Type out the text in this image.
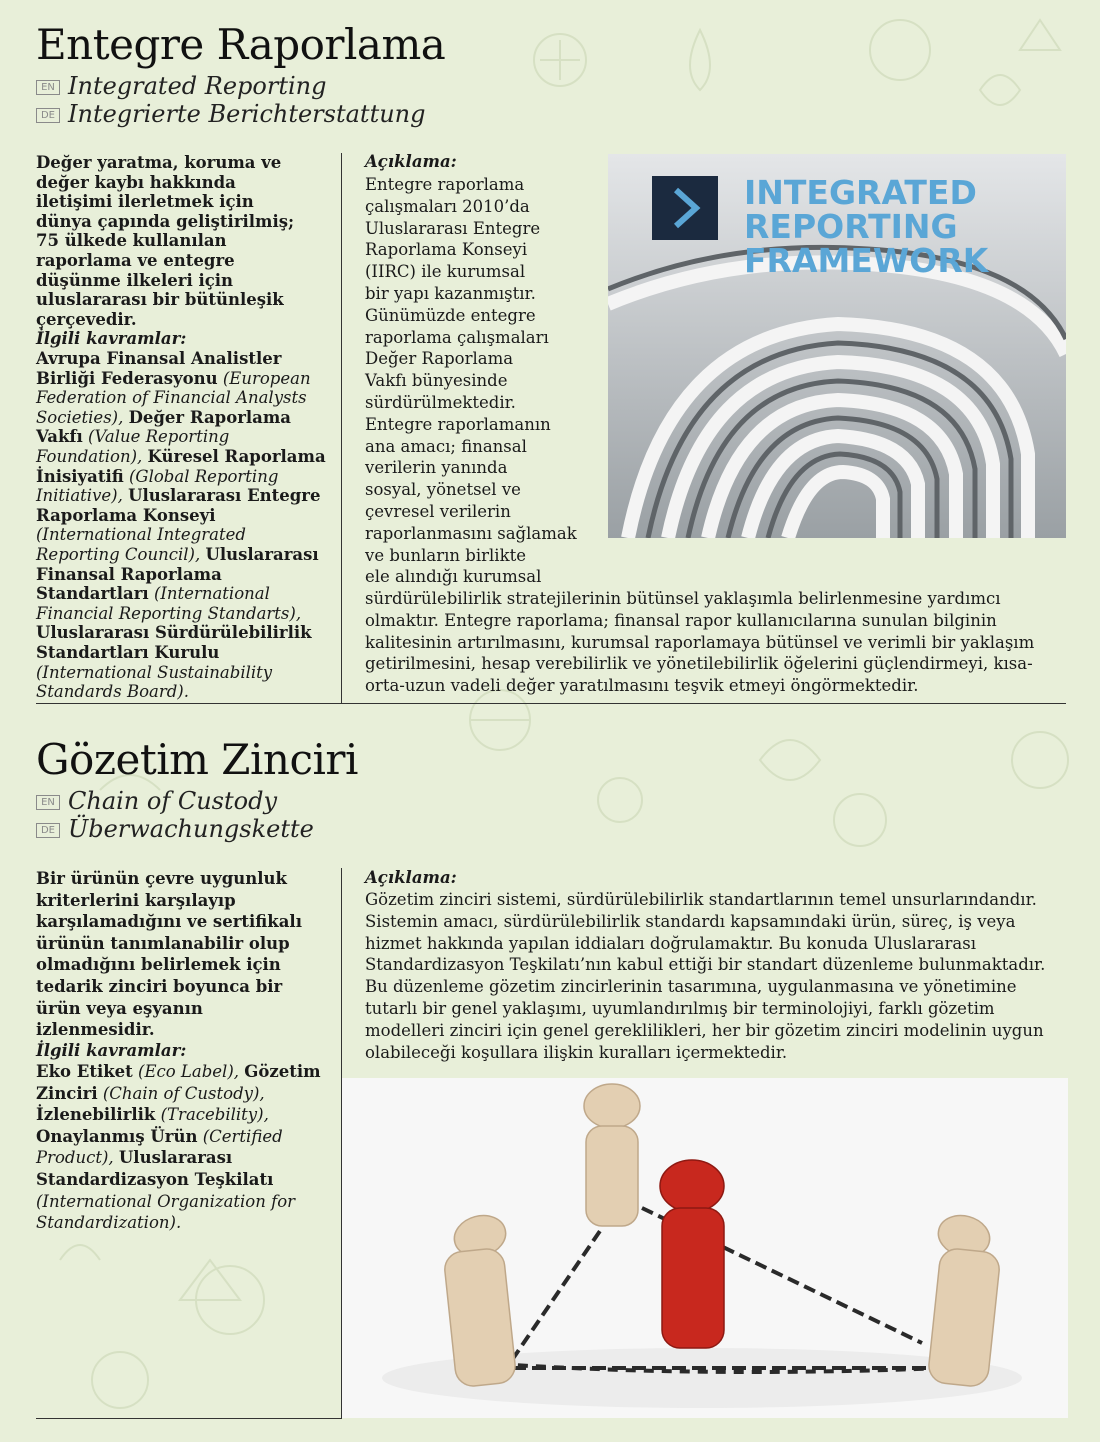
Entegre Raporlama
EN Integrated Reporting
DE Integrierte Berichterstattung
Değer yaratma, koruma ve değer kaybı hakkında iletişimi ilerletmek için dünya çapında geliştirilmiş; 75 ülkede kullanılan raporlama ve entegre düşünme ilkeleri için uluslararası bir bütünleşik çerçevedir.
İlgili kavramlar:
Avrupa Finansal Analistler Birliği Federasyonu (European Federation of Financial Analysts Societies), Değer Raporlama Vakfı (Value Reporting Foundation), Küresel Raporlama İnisiyatifi (Global Reporting Initiative), Uluslararası Entegre Raporlama Konseyi (International Integrated Reporting Council), Uluslararası Finansal Raporlama Standartları (International Financial Reporting Standarts), Uluslararası Sürdürülebilirlik Standartları Kurulu (International Sustainability Standards Board).
Açıklama:
Entegre raporlama
çalışmaları 2010’da
Uluslararası Entegre
Raporlama Konseyi
(IIRC) ile kurumsal
bir yapı kazanmıştır.
Günümüzde entegre
raporlama çalışmaları
Değer Raporlama
Vakfı bünyesinde
sürdürülmektedir.
Entegre raporlamanın
ana amacı; finansal
verilerin yanında
sosyal, yönetsel ve
çevresel verilerin
raporlanmasını sağlamak
ve bunların birlikte
ele alındığı kurumsal
sürdürülebilirlik stratejilerinin bütünsel yaklaşımla belirlenmesine yardımcı
olmaktır. Entegre raporlama; finansal rapor kullanıcılarına sunulan bilginin
kalitesinin artırılmasını, kurumsal raporlamaya bütünsel ve verimli bir yaklaşım
getirilmesini, hesap verebilirlik ve yönetilebilirlik öğelerini güçlendirmeyi, kısa-
orta-uzun vadeli değer yaratılmasını teşvik etmeyi öngörmektedir.
INTEGRATED
REPORTING
FRAMEWORK
Gözetim Zinciri
EN Chain of Custody
DE Überwachungskette
Bir ürünün çevre uygunluk kriterlerini karşılayıp karşılamadığını ve sertifikalı ürünün tanımlanabilir olup olmadığını belirlemek için tedarik zinciri boyunca bir ürün veya eşyanın izlenmesidir.
İlgili kavramlar:
Eko Etiket (Eco Label), Gözetim Zinciri (Chain of Custody), İzlenebilirlik (Tracebility), Onaylanmış Ürün (Certified Product), Uluslararası Standardizasyon Teşkilatı (International Organization for Standardization).
Açıklama:
Gözetim zinciri sistemi, sürdürülebilirlik standartlarının temel unsurlarındandır.
Sistemin amacı, sürdürülebilirlik standardı kapsamındaki ürün, süreç, iş veya
hizmet hakkında yapılan iddiaları doğrulamaktır. Bu konuda Uluslararası
Standardizasyon Teşkilatı’nın kabul ettiği bir standart düzenleme bulunmaktadır.
Bu düzenleme gözetim zincirlerinin tasarımına, uygulanmasına ve yönetimine
tutarlı bir genel yaklaşımı, uyumlandırılmış bir terminolojiyi, farklı gözetim
modelleri zinciri için genel gereklilikleri, her bir gözetim zinciri modelinin uygun
olabileceği koşullara ilişkin kuralları içermektedir.
